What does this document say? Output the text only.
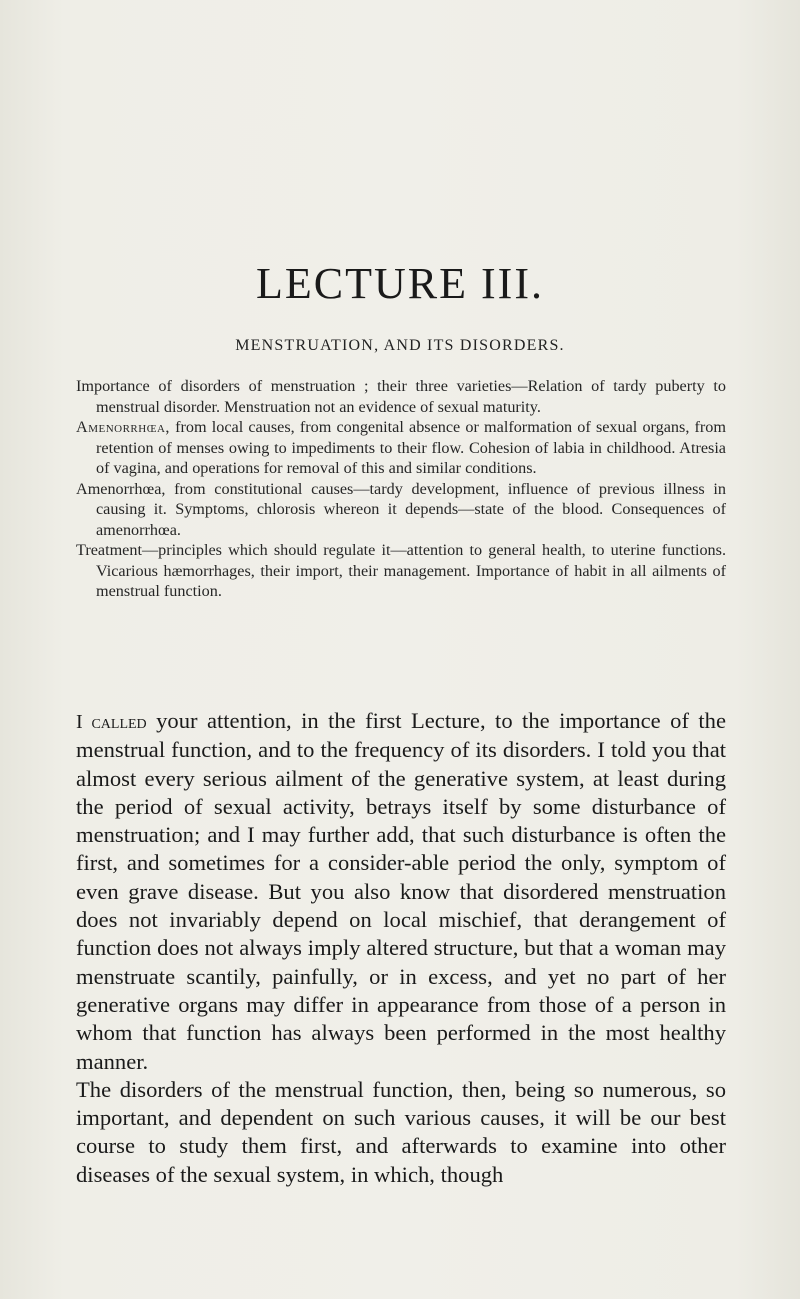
LECTURE III.
MENSTRUATION, AND ITS DISORDERS.

Importance of disorders of menstruation ; their three varieties—Relation of tardy puberty to menstrual disorder. Menstruation not an evidence of sexual maturity.

Amenorrhœa, from local causes, from congenital absence or malformation of sexual organs, from retention of menses owing to impediments to their flow. Cohesion of labia in childhood. Atresia of vagina, and operations for removal of this and similar conditions.

Amenorrhœa, from constitutional causes—tardy development, influence of previous illness in causing it. Symptoms, chlorosis whereon it depends—state of the blood. Consequences of amenorrhœa.

Treatment—principles which should regulate it—attention to general health, to uterine functions. Vicarious hæmorrhages, their import, their management. Importance of habit in all ailments of menstrual function.

I called your attention, in the first Lecture, to the importance of the menstrual function, and to the frequency of its disorders. I told you that almost every serious ailment of the generative system, at least during the period of sexual activity, betrays itself by some disturbance of menstruation; and I may further add, that such disturbance is often the first, and sometimes for a consider-able period the only, symptom of even grave disease. But you also know that disordered menstruation does not invariably depend on local mischief, that derangement of function does not always imply altered structure, but that a woman may menstruate scantily, painfully, or in excess, and yet no part of her generative organs may differ in appearance from those of a person in whom that function has always been performed in the most healthy manner.

The disorders of the menstrual function, then, being so numerous, so important, and dependent on such various causes, it will be our best course to study them first, and afterwards to examine into other diseases of the sexual system, in which, though
